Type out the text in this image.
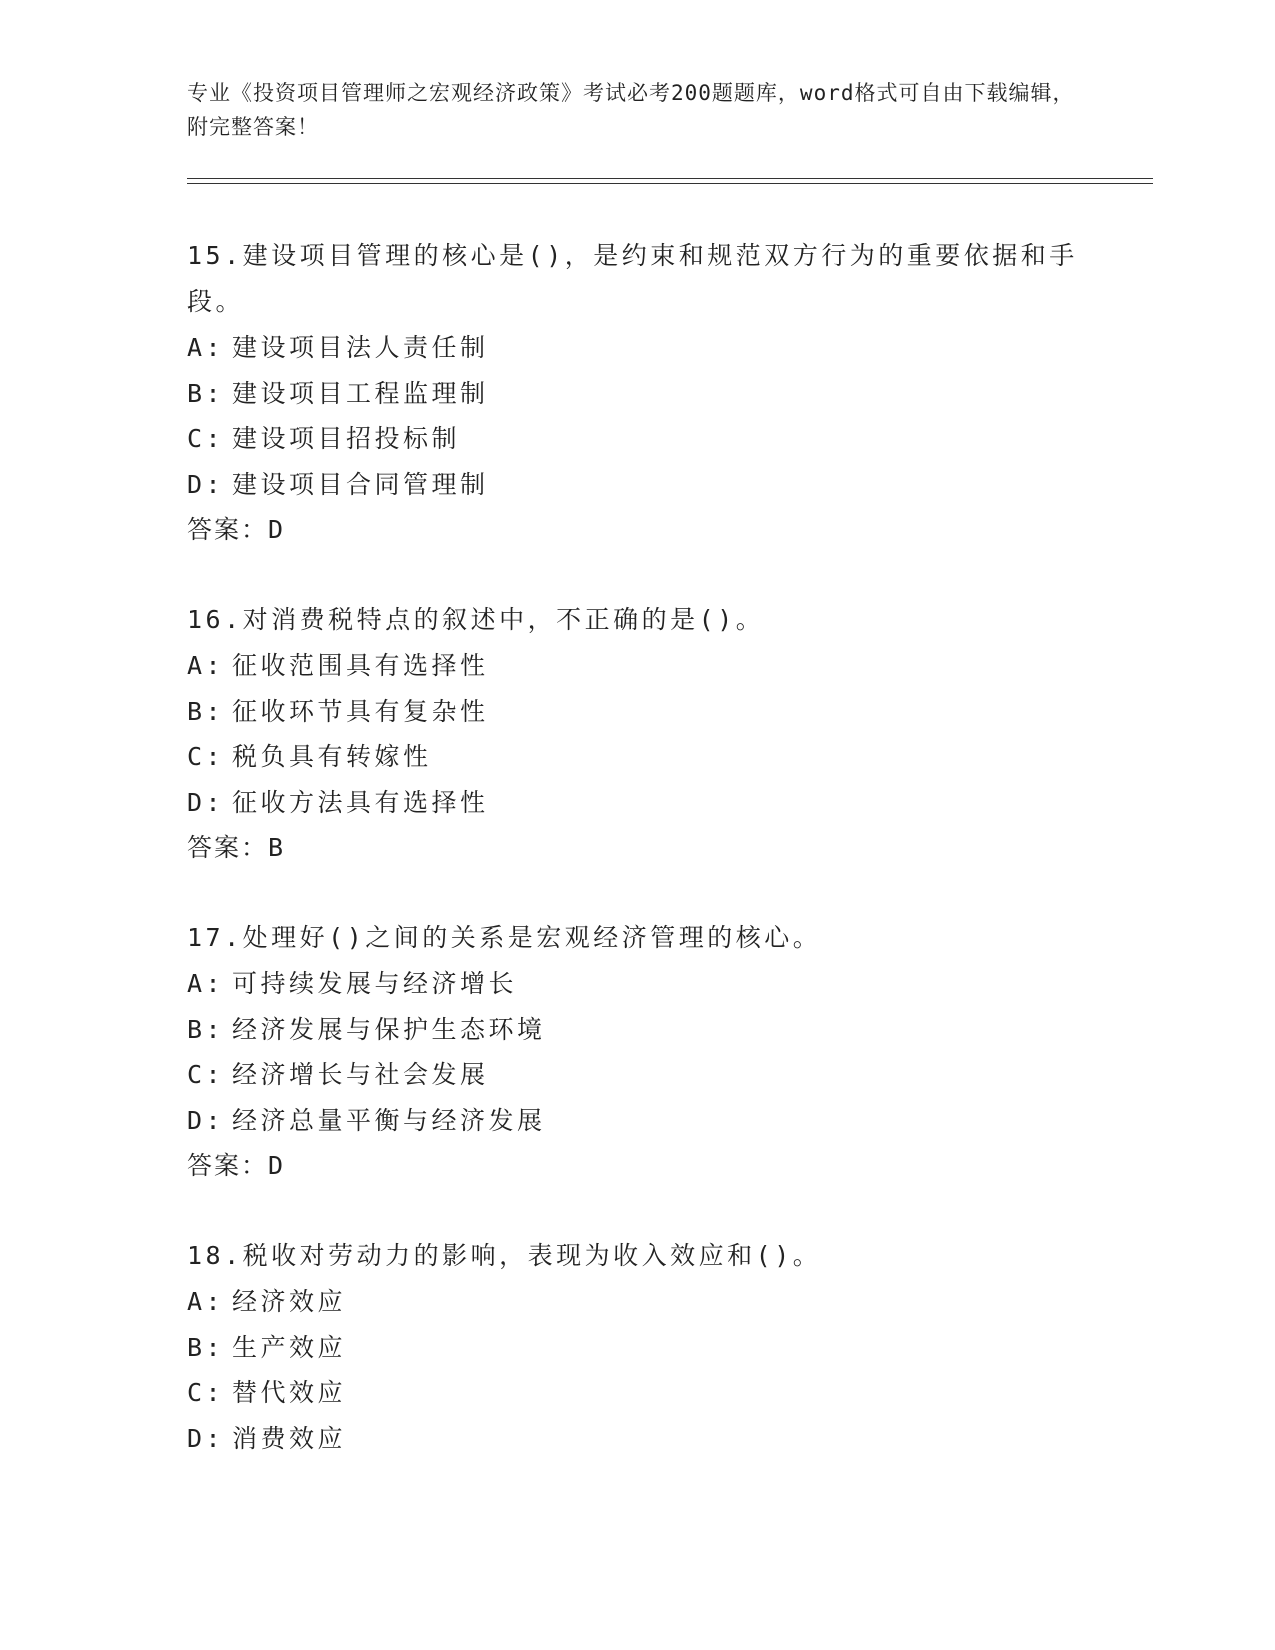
专业《投资项目管理师之宏观经济政策》考试必考200题题库，word格式可自由下载编辑，附完整答案！

15.建设项目管理的核心是()，是约束和规范双方行为的重要依据和手段。

A: 建设项目法人责任制

B: 建设项目工程监理制

C: 建设项目招投标制

D: 建设项目合同管理制

答案：D

16.对消费税特点的叙述中，不正确的是()。

A: 征收范围具有选择性

B: 征收环节具有复杂性

C: 税负具有转嫁性

D: 征收方法具有选择性

答案：B

17.处理好()之间的关系是宏观经济管理的核心。

A: 可持续发展与经济增长

B: 经济发展与保护生态环境

C: 经济增长与社会发展

D: 经济总量平衡与经济发展

答案：D

18.税收对劳动力的影响，表现为收入效应和()。

A: 经济效应

B: 生产效应

C: 替代效应

D: 消费效应
